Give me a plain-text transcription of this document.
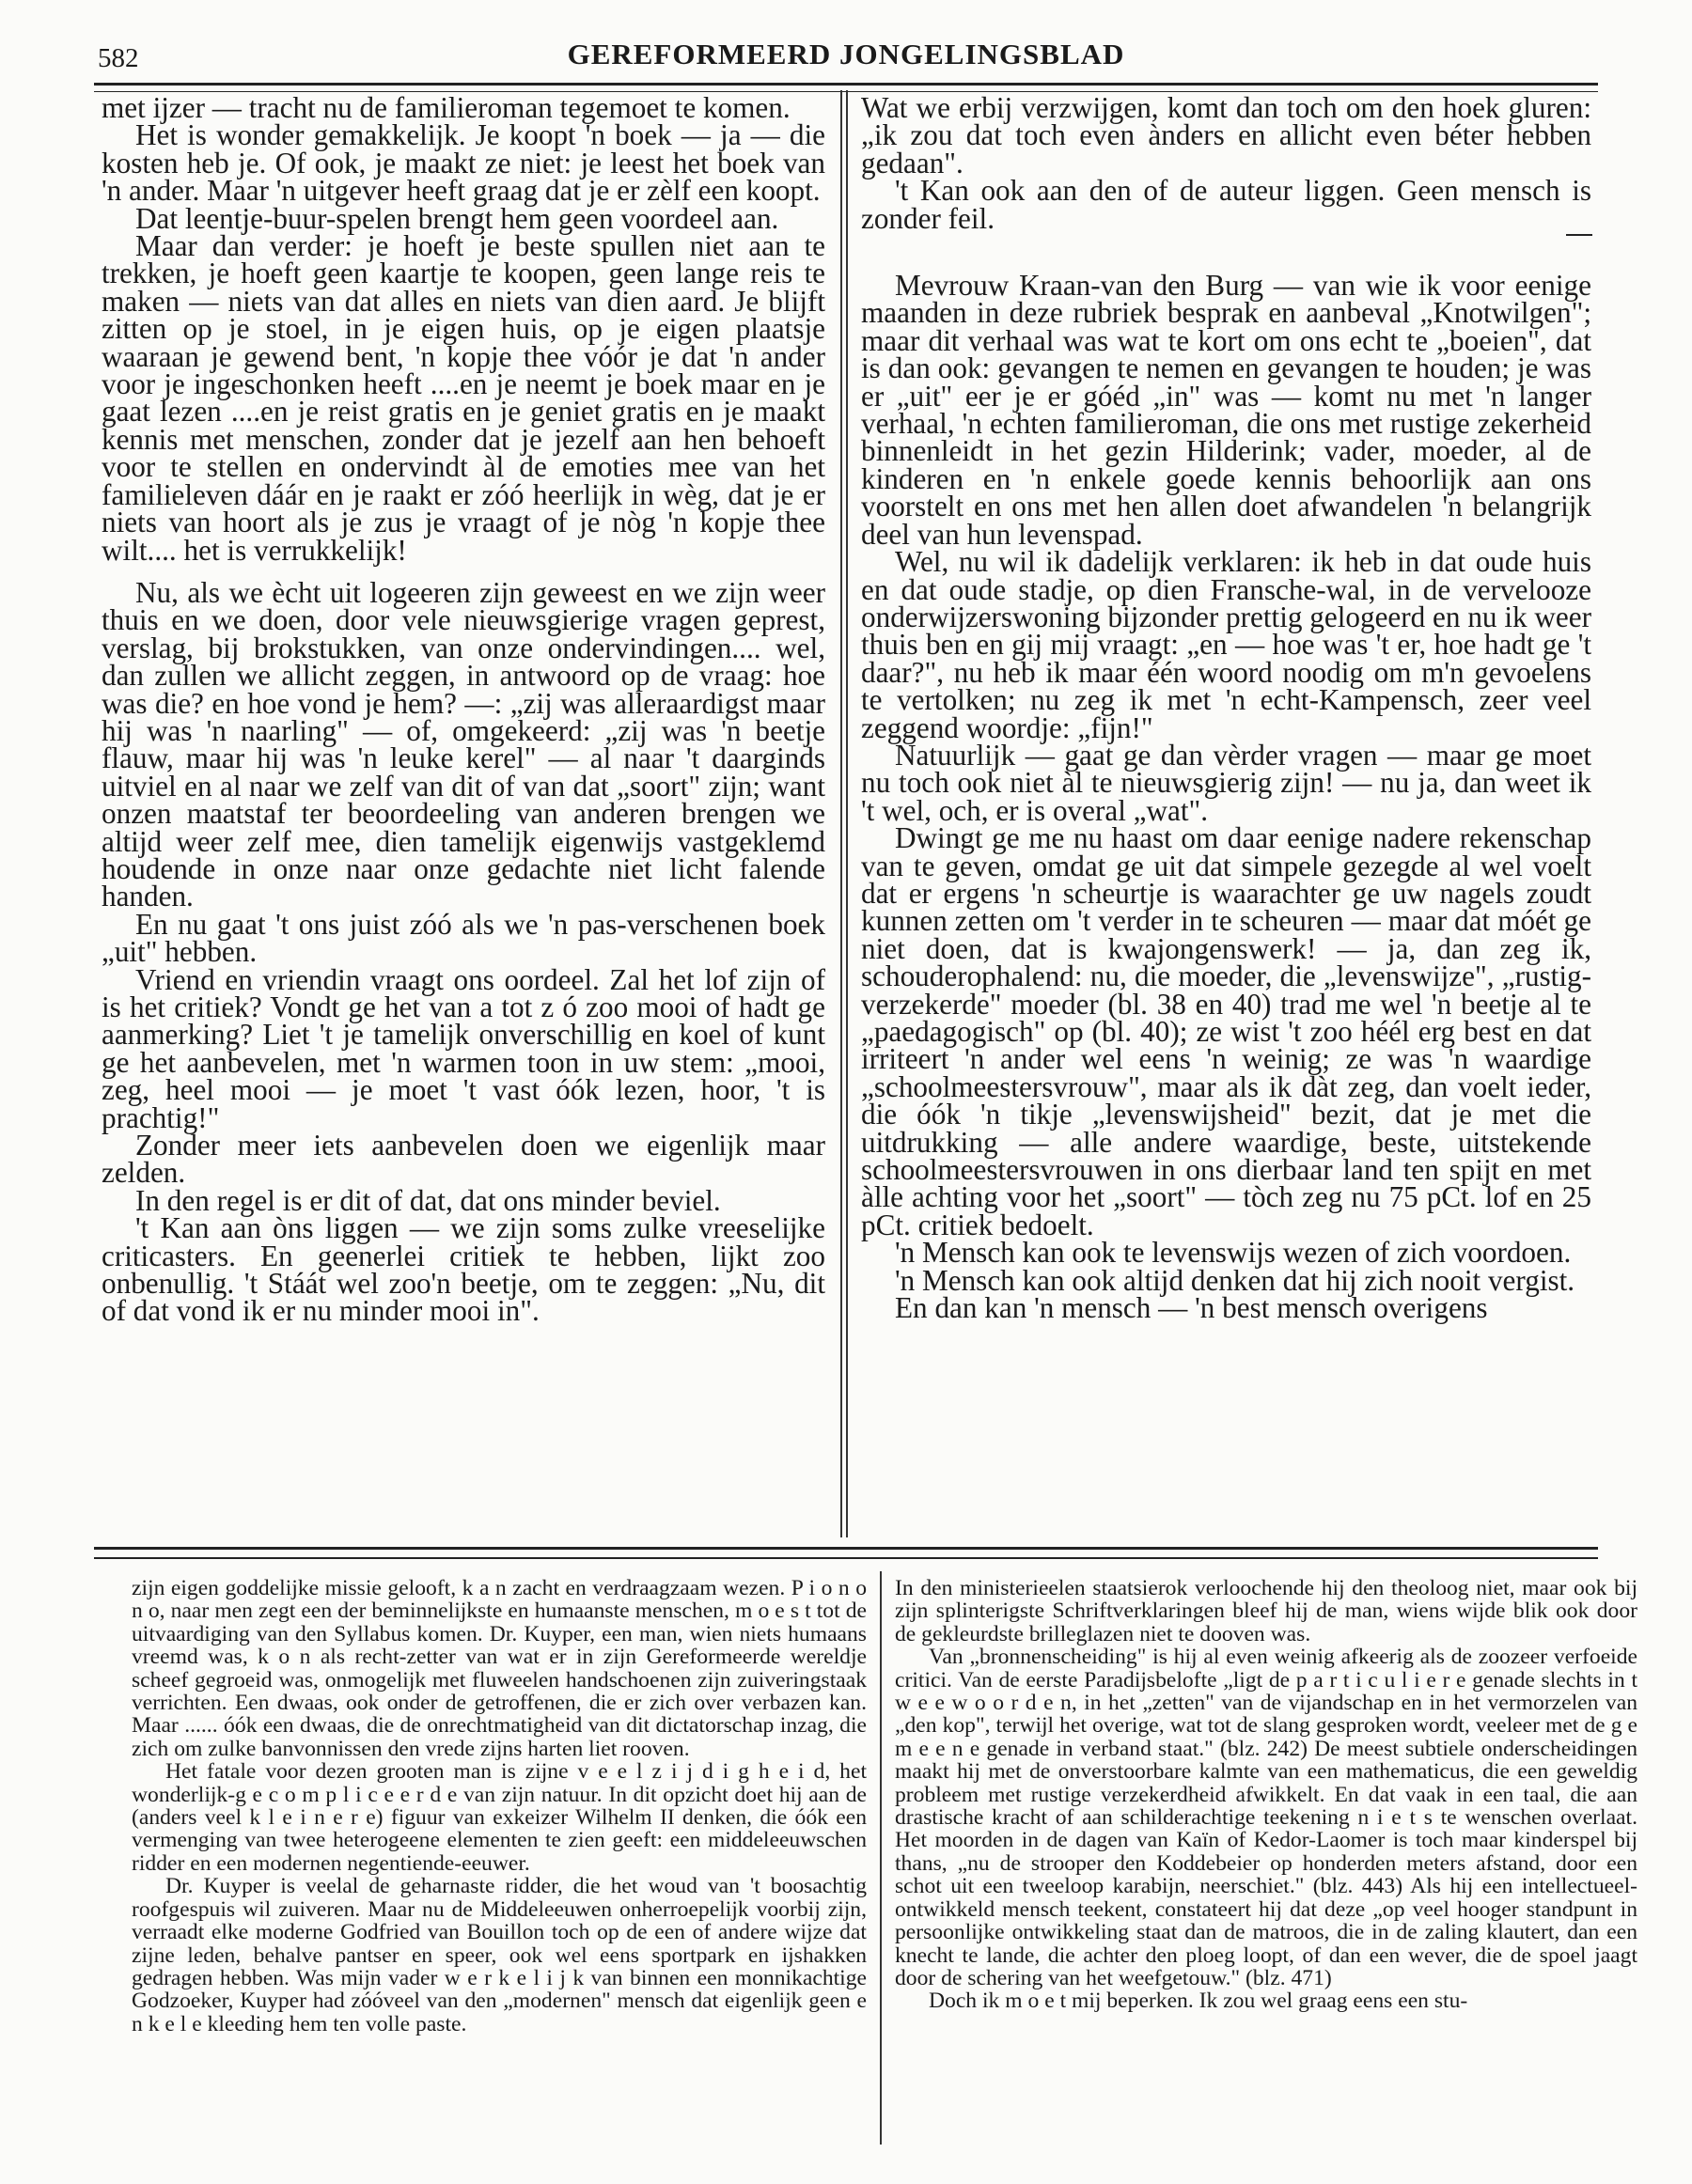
582	GEREFORMEERD JONGELINGSBLAD

met ijzer — tracht nu de familieroman tegemoet te komen.

Het is wonder gemakkelijk. Je koopt 'n boek — ja — die kosten heb je. Of ook, je maakt ze niet: je leest het boek van 'n ander. Maar 'n uitgever heeft graag dat je er zèlf een koopt.

Dat leentje-buur-spelen brengt hem geen voordeel aan.

Maar dan verder: je hoeft je beste spullen niet aan te trekken, je hoeft geen kaartje te koopen, geen lange reis te maken — niets van dat alles en niets van dien aard. Je blijft zitten op je stoel, in je eigen huis, op je eigen plaatsje waaraan je gewend bent, 'n kopje thee vóór je dat 'n ander voor je ingeschonken heeft ....en je neemt je boek maar en je gaat lezen ....en je reist gratis en je geniet gratis en je maakt kennis met menschen, zonder dat je jezelf aan hen behoeft voor te stellen en ondervindt àl de emoties mee van het familieleven dáár en je raakt er zóó heerlijk in wèg, dat je er niets van hoort als je zus je vraagt of je nòg 'n kopje thee wilt.... het is verrukkelijk!

Nu, als we ècht uit logeeren zijn geweest en we zijn weer thuis en we doen, door vele nieuwsgierige vragen geprest, verslag, bij brokstukken, van onze ondervindingen.... wel, dan zullen we allicht zeggen, in antwoord op de vraag: hoe was die? en hoe vond je hem? —: „zij was alleraardigst maar hij was 'n naarling" — of, omgekeerd: „zij was 'n beetje flauw, maar hij was 'n leuke kerel" — al naar 't daarginds uitviel en al naar we zelf van dit of van dat „soort" zijn; want onzen maatstaf ter beoordeeling van anderen brengen we altijd weer zelf mee, dien tamelijk eigenwijs vastgeklemd houdende in onze naar onze gedachte niet licht falende handen.

En nu gaat 't ons juist zóó als we 'n pas-verschenen boek „uit" hebben.

Vriend en vriendin vraagt ons oordeel. Zal het lof zijn of is het critiek? Vondt ge het van a tot z ó zoo mooi of hadt ge aanmerking? Liet 't je tamelijk onverschillig en koel of kunt ge het aanbevelen, met 'n warmen toon in uw stem: „mooi, zeg, heel mooi — je moet 't vast óók lezen, hoor, 't is prachtig!"

Zonder meer iets aanbevelen doen we eigenlijk maar zelden.

In den regel is er dit of dat, dat ons minder beviel.

't Kan aan òns liggen — we zijn soms zulke vreeselijke criticasters. En geenerlei critiek te hebben, lijkt zoo onbenullig. 't Stáát wel zoo'n beetje, om te zeggen: „Nu, dit of dat vond ik er nu minder mooi in".

Wat we erbij verzwijgen, komt dan toch om den hoek gluren: „ik zou dat toch even ànders en allicht even béter hebben gedaan".

't Kan ook aan den of de auteur liggen. Geen mensch is zonder feil.

Mevrouw Kraan-van den Burg — van wie ik voor eenige maanden in deze rubriek besprak en aanbeval „Knotwilgen"; maar dit verhaal was wat te kort om ons echt te „boeien", dat is dan ook: gevangen te nemen en gevangen te houden; je was er „uit" eer je er góéd „in" was — komt nu met 'n langer verhaal, 'n echten familieroman, die ons met rustige zekerheid binnenleidt in het gezin Hilderink; vader, moeder, al de kinderen en 'n enkele goede kennis behoorlijk aan ons voorstelt en ons met hen allen doet afwandelen 'n belangrijk deel van hun levenspad.

Wel, nu wil ik dadelijk verklaren: ik heb in dat oude huis en dat oude stadje, op dien Fransche-wal, in de vervelooze onderwijzerswoning bijzonder prettig gelogeerd en nu ik weer thuis ben en gij mij vraagt: „en — hoe was 't er, hoe hadt ge 't daar?", nu heb ik maar één woord noodig om m'n gevoelens te vertolken; nu zeg ik met 'n echt-Kampensch, zeer veel zeggend woordje: „fijn!"

Natuurlijk — gaat ge dan vèrder vragen — maar ge moet nu toch ook niet àl te nieuwsgierig zijn! — nu ja, dan weet ik 't wel, och, er is overal „wat".

Dwingt ge me nu haast om daar eenige nadere rekenschap van te geven, omdat ge uit dat simpele gezegde al wel voelt dat er ergens 'n scheurtje is waarachter ge uw nagels zoudt kunnen zetten om 't verder in te scheuren — maar dat móét ge niet doen, dat is kwajongenswerk! — ja, dan zeg ik, schouderophalend: nu, die moeder, die „levenswijze", „rustig-verzekerde" moeder (bl. 38 en 40) trad me wel 'n beetje al te „paedagogisch" op (bl. 40); ze wist 't zoo héél erg best en dat irriteert 'n ander wel eens 'n weinig; ze was 'n waardige „schoolmeestersvrouw", maar als ik dàt zeg, dan voelt ieder, die óók 'n tikje „levenswijsheid" bezit, dat je met die uitdrukking — alle andere waardige, beste, uitstekende schoolmeestersvrouwen in ons dierbaar land ten spijt en met àlle achting voor het „soort" — tòch zeg nu 75 pCt. lof en 25 pCt. critiek bedoelt.

'n Mensch kan ook te levenswijs wezen of zich voordoen.

'n Mensch kan ook altijd denken dat hij zich nooit vergist.

En dan kan 'n mensch — 'n best mensch overigens

zijn eigen goddelijke missie gelooft, k a n zacht en verdraagzaam wezen. P i o n o n o, naar men zegt een der beminnelijkste en humaanste menschen, m o e s t tot de uitvaardiging van den Syllabus komen. Dr. Kuyper, een man, wien niets humaans vreemd was, k o n als recht-zetter van wat er in zijn Gereformeerde wereldje scheef gegroeid was, onmogelijk met fluweelen handschoenen zijn zuiveringstaak verrichten. Een dwaas, ook onder de getroffenen, die er zich over verbazen kan. Maar ...... óók een dwaas, die de onrechtmatigheid van dit dictatorschap inzag, die zich om zulke banvonnissen den vrede zijns harten liet rooven.

Het fatale voor dezen grooten man is zijne v e e l z i j d i g h e i d, het wonderlijk-g e c o m p l i c e e r d e van zijn natuur. In dit opzicht doet hij aan de (anders veel k l e i n e r e) figuur van exkeizer Wilhelm II denken, die óók een vermenging van twee heterogeene elementen te zien geeft: een middeleeuwschen ridder en een modernen negentiende-eeuwer.

Dr. Kuyper is veelal de geharnaste ridder, die het woud van 't boosachtig roofgespuis wil zuiveren. Maar nu de Middeleeuwen onherroepelijk voorbij zijn, verraadt elke moderne Godfried van Bouillon toch op de een of andere wijze dat zijne leden, behalve pantser en speer, ook wel eens sportpark en ijshakken gedragen hebben. Was mijn vader w e r k e l i j k van binnen een monnikachtige Godzoeker, Kuyper had zóóveel van den „modernen" mensch dat eigenlijk geen e n k e l e kleeding hem ten volle paste.

In den ministerieelen staatsierok verloochende hij den theoloog niet, maar ook bij zijn splinterigste Schriftverklaringen bleef hij de man, wiens wijde blik ook door de gekleurdste brilleglazen niet te dooven was.

Van „bronnenscheiding" is hij al even weinig afkeerig als de zoozeer verfoeide critici. Van de eerste Paradijsbelofte „ligt de p a r t i c u l i e r e genade slechts in t w e e w o o r d e n, in het „zetten" van de vijandschap en in het vermorzelen van „den kop", terwijl het overige, wat tot de slang gesproken wordt, veeleer met de g e m e e n e genade in verband staat." (blz. 242) De meest subtiele onderscheidingen maakt hij met de onverstoorbare kalmte van een mathematicus, die een geweldig probleem met rustige verzekerdheid afwikkelt. En dat vaak in een taal, die aan drastische kracht of aan schilderachtige teekening n i e t s te wenschen overlaat. Het moorden in de dagen van Kaïn of Kedor-Laomer is toch maar kinderspel bij thans, „nu de strooper den Koddebeier op honderden meters afstand, door een schot uit een tweeloop karabijn, neerschiet." (blz. 443) Als hij een intellectueel-ontwikkeld mensch teekent, constateert hij dat deze „op veel hooger standpunt in persoonlijke ontwikkeling staat dan de matroos, die in de zaling klautert, dan een knecht te lande, die achter den ploeg loopt, of dan een wever, die de spoel jaagt door de schering van het weefgetouw." (blz. 471)

Doch ik m o e t mij beperken. Ik zou wel graag eens een stu-
